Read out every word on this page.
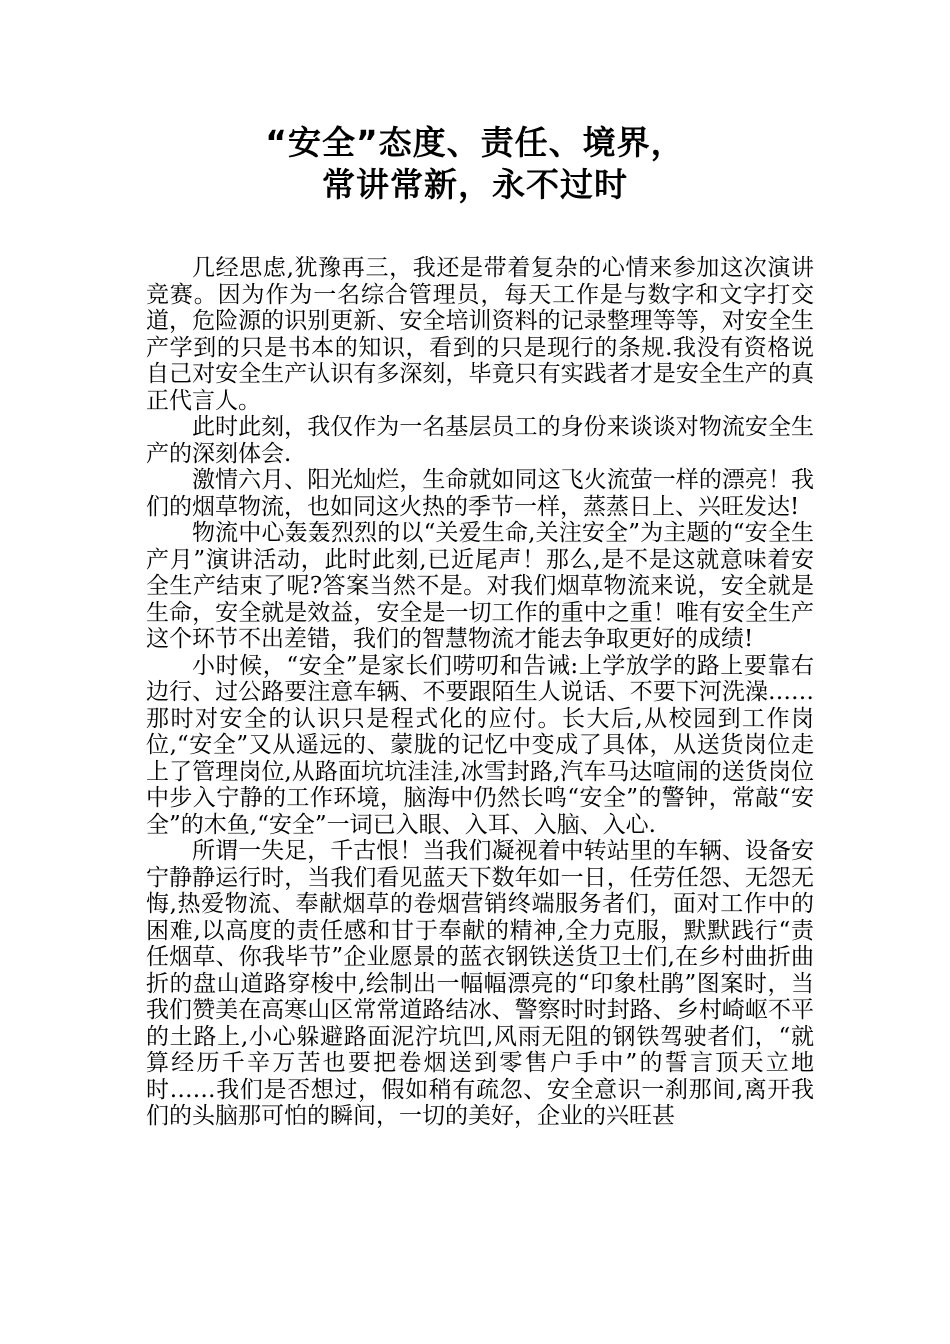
“安全”态度、责任、境界，
常讲常新，永不过时

几经思虑,犹豫再三，我还是带着复杂的心情来参加这次演讲竞赛。因为作为一名综合管理员，每天工作是与数字和文字打交道，危险源的识别更新、安全培训资料的记录整理等等，对安全生产学到的只是书本的知识，看到的只是现行的条规.我没有资格说自己对安全生产认识有多深刻，毕竟只有实践者才是安全生产的真正代言人。

此时此刻，我仅作为一名基层员工的身份来谈谈对物流安全生产的深刻体会.

激情六月、阳光灿烂，生命就如同这飞火流萤一样的漂亮！我们的烟草物流，也如同这火热的季节一样，蒸蒸日上、兴旺发达!

物流中心轰轰烈烈的以“关爱生命,关注安全”为主题的“安全生产月”演讲活动，此时此刻,已近尾声！那么,是不是这就意味着安全生产结束了呢?答案当然不是。对我们烟草物流来说，安全就是生命，安全就是效益，安全是一切工作的重中之重！唯有安全生产这个环节不出差错，我们的智慧物流才能去争取更好的成绩!

小时候，“安全”是家长们唠叨和告诫:上学放学的路上要靠右边行、过公路要注意车辆、不要跟陌生人说话、不要下河洗澡……那时对安全的认识只是程式化的应付。长大后,从校园到工作岗位,“安全”又从遥远的、蒙胧的记忆中变成了具体，从送货岗位走上了管理岗位,从路面坑坑洼洼,冰雪封路,汽车马达喧闹的送货岗位中步入宁静的工作环境，脑海中仍然长鸣“安全”的警钟，常敲“安全”的木鱼,“安全”一词已入眼、入耳、入脑、入心.

所谓一失足，千古恨！当我们凝视着中转站里的车辆、设备安宁静静运行时，当我们看见蓝天下数年如一日，任劳任怨、无怨无悔,热爱物流、奉献烟草的卷烟营销终端服务者们，面对工作中的困难,以高度的责任感和甘于奉献的精神,全力克服，默默践行“责任烟草、你我毕节”企业愿景的蓝衣钢铁送货卫士们,在乡村曲折曲折的盘山道路穿梭中,绘制出一幅幅漂亮的“印象杜鹃”图案时，当我们赞美在高寒山区常常道路结冰、警察时时封路、乡村崎岖不平的土路上,小心躲避路面泥泞坑凹,风雨无阻的钢铁驾驶者们，“就算经历千辛万苦也要把卷烟送到零售户手中”的誓言顶天立地时……我们是否想过，假如稍有疏忽、安全意识一刹那间,离开我们的头脑那可怕的瞬间，一切的美好，企业的兴旺甚
